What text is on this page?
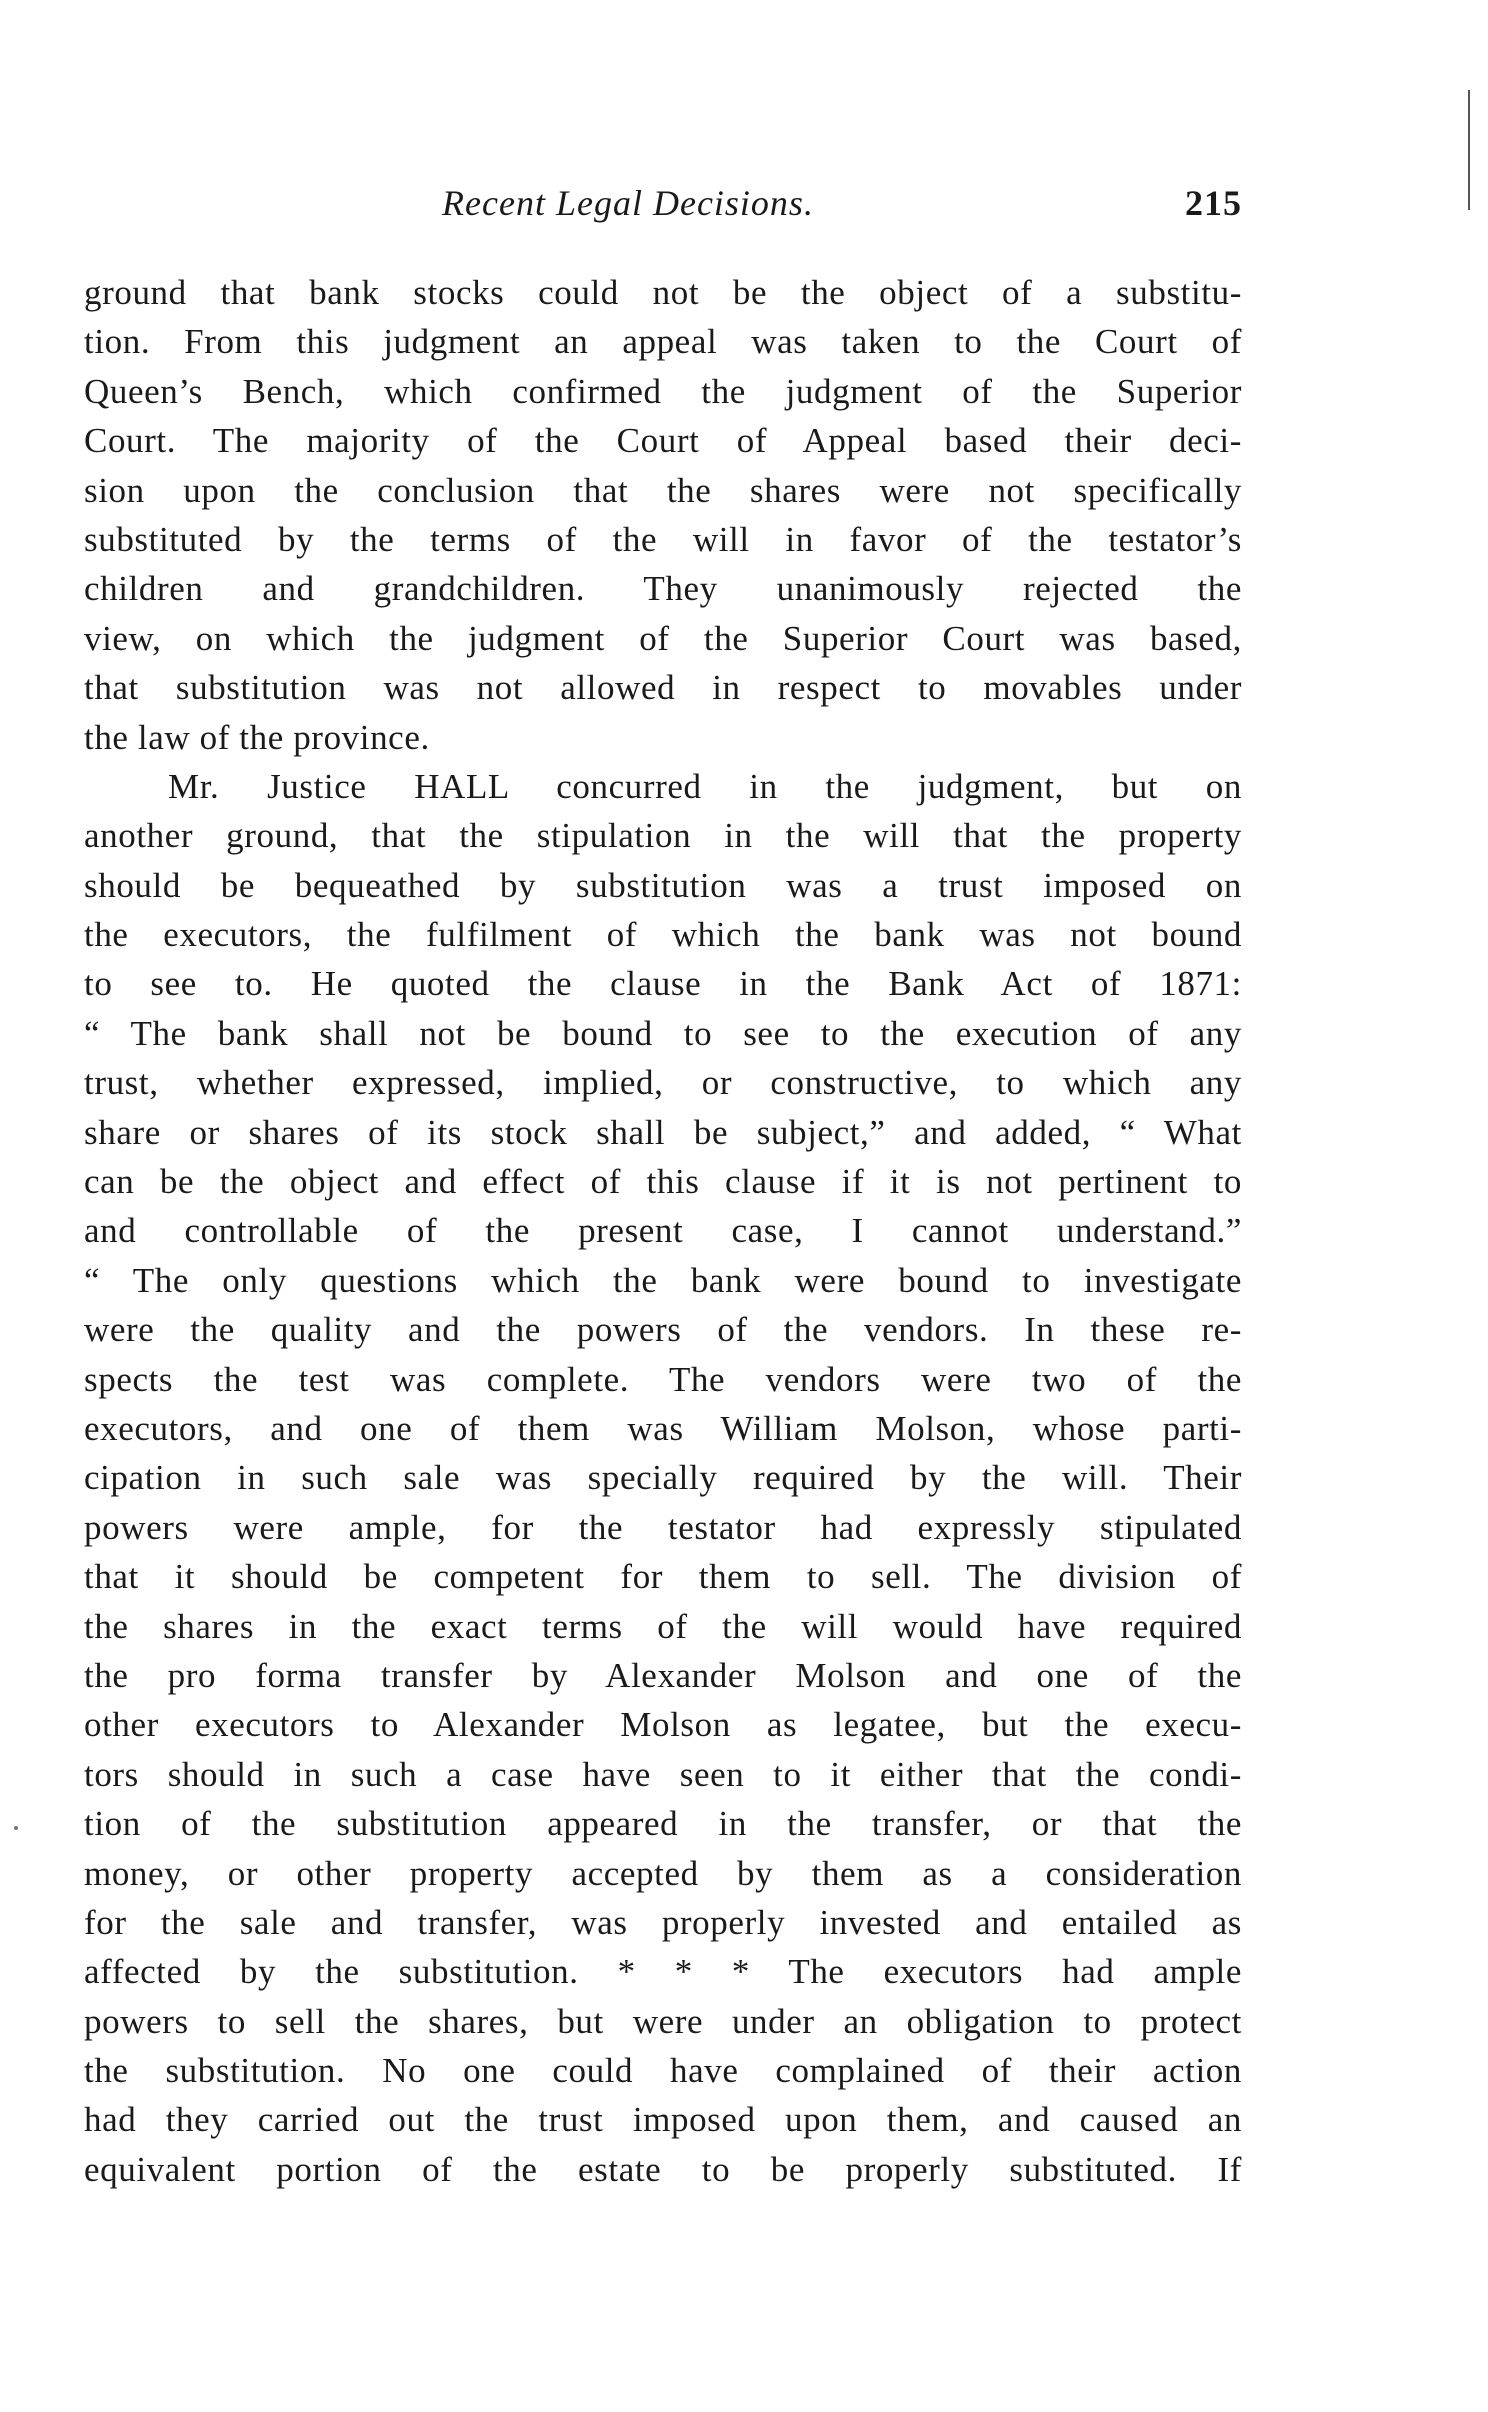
Recent Legal Decisions.	215
ground that bank stocks could not be the object of a substitu-
tion. From this judgment an appeal was taken to the Court of
Queen’s Bench, which confirmed the judgment of the Superior
Court. The majority of the Court of Appeal based their deci-
sion upon the conclusion that the shares were not specifically
substituted by the terms of the will in favor of the testator’s
children and grandchildren. They unanimously rejected the
view, on which the judgment of the Superior Court was based,
that substitution was not allowed in respect to movables under
the law of the province.
Mr. Justice HALL concurred in the judgment, but on
another ground, that the stipulation in the will that the property
should be bequeathed by substitution was a trust imposed on
the executors, the fulfilment of which the bank was not bound
to see to. He quoted the clause in the Bank Act of 1871:
“ The bank shall not be bound to see to the execution of any
trust, whether expressed, implied, or constructive, to which any
share or shares of its stock shall be subject,” and added, “ What
can be the object and effect of this clause if it is not pertinent to
and controllable of the present case, I cannot understand.”
“ The only questions which the bank were bound to investigate
were the quality and the powers of the vendors. In these re-
spects the test was complete. The vendors were two of the
executors, and one of them was William Molson, whose parti-
cipation in such sale was specially required by the will. Their
powers were ample, for the testator had expressly stipulated
that it should be competent for them to sell. The division of
the shares in the exact terms of the will would have required
the pro forma transfer by Alexander Molson and one of the
other executors to Alexander Molson as legatee, but the execu-
tors should in such a case have seen to it either that the condi-
tion of the substitution appeared in the transfer, or that the
money, or other property accepted by them as a consideration
for the sale and transfer, was properly invested and entailed as
affected by the substitution. * * * The executors had ample
powers to sell the shares, but were under an obligation to protect
the substitution. No one could have complained of their action
had they carried out the trust imposed upon them, and caused an
equivalent portion of the estate to be properly substituted. If
